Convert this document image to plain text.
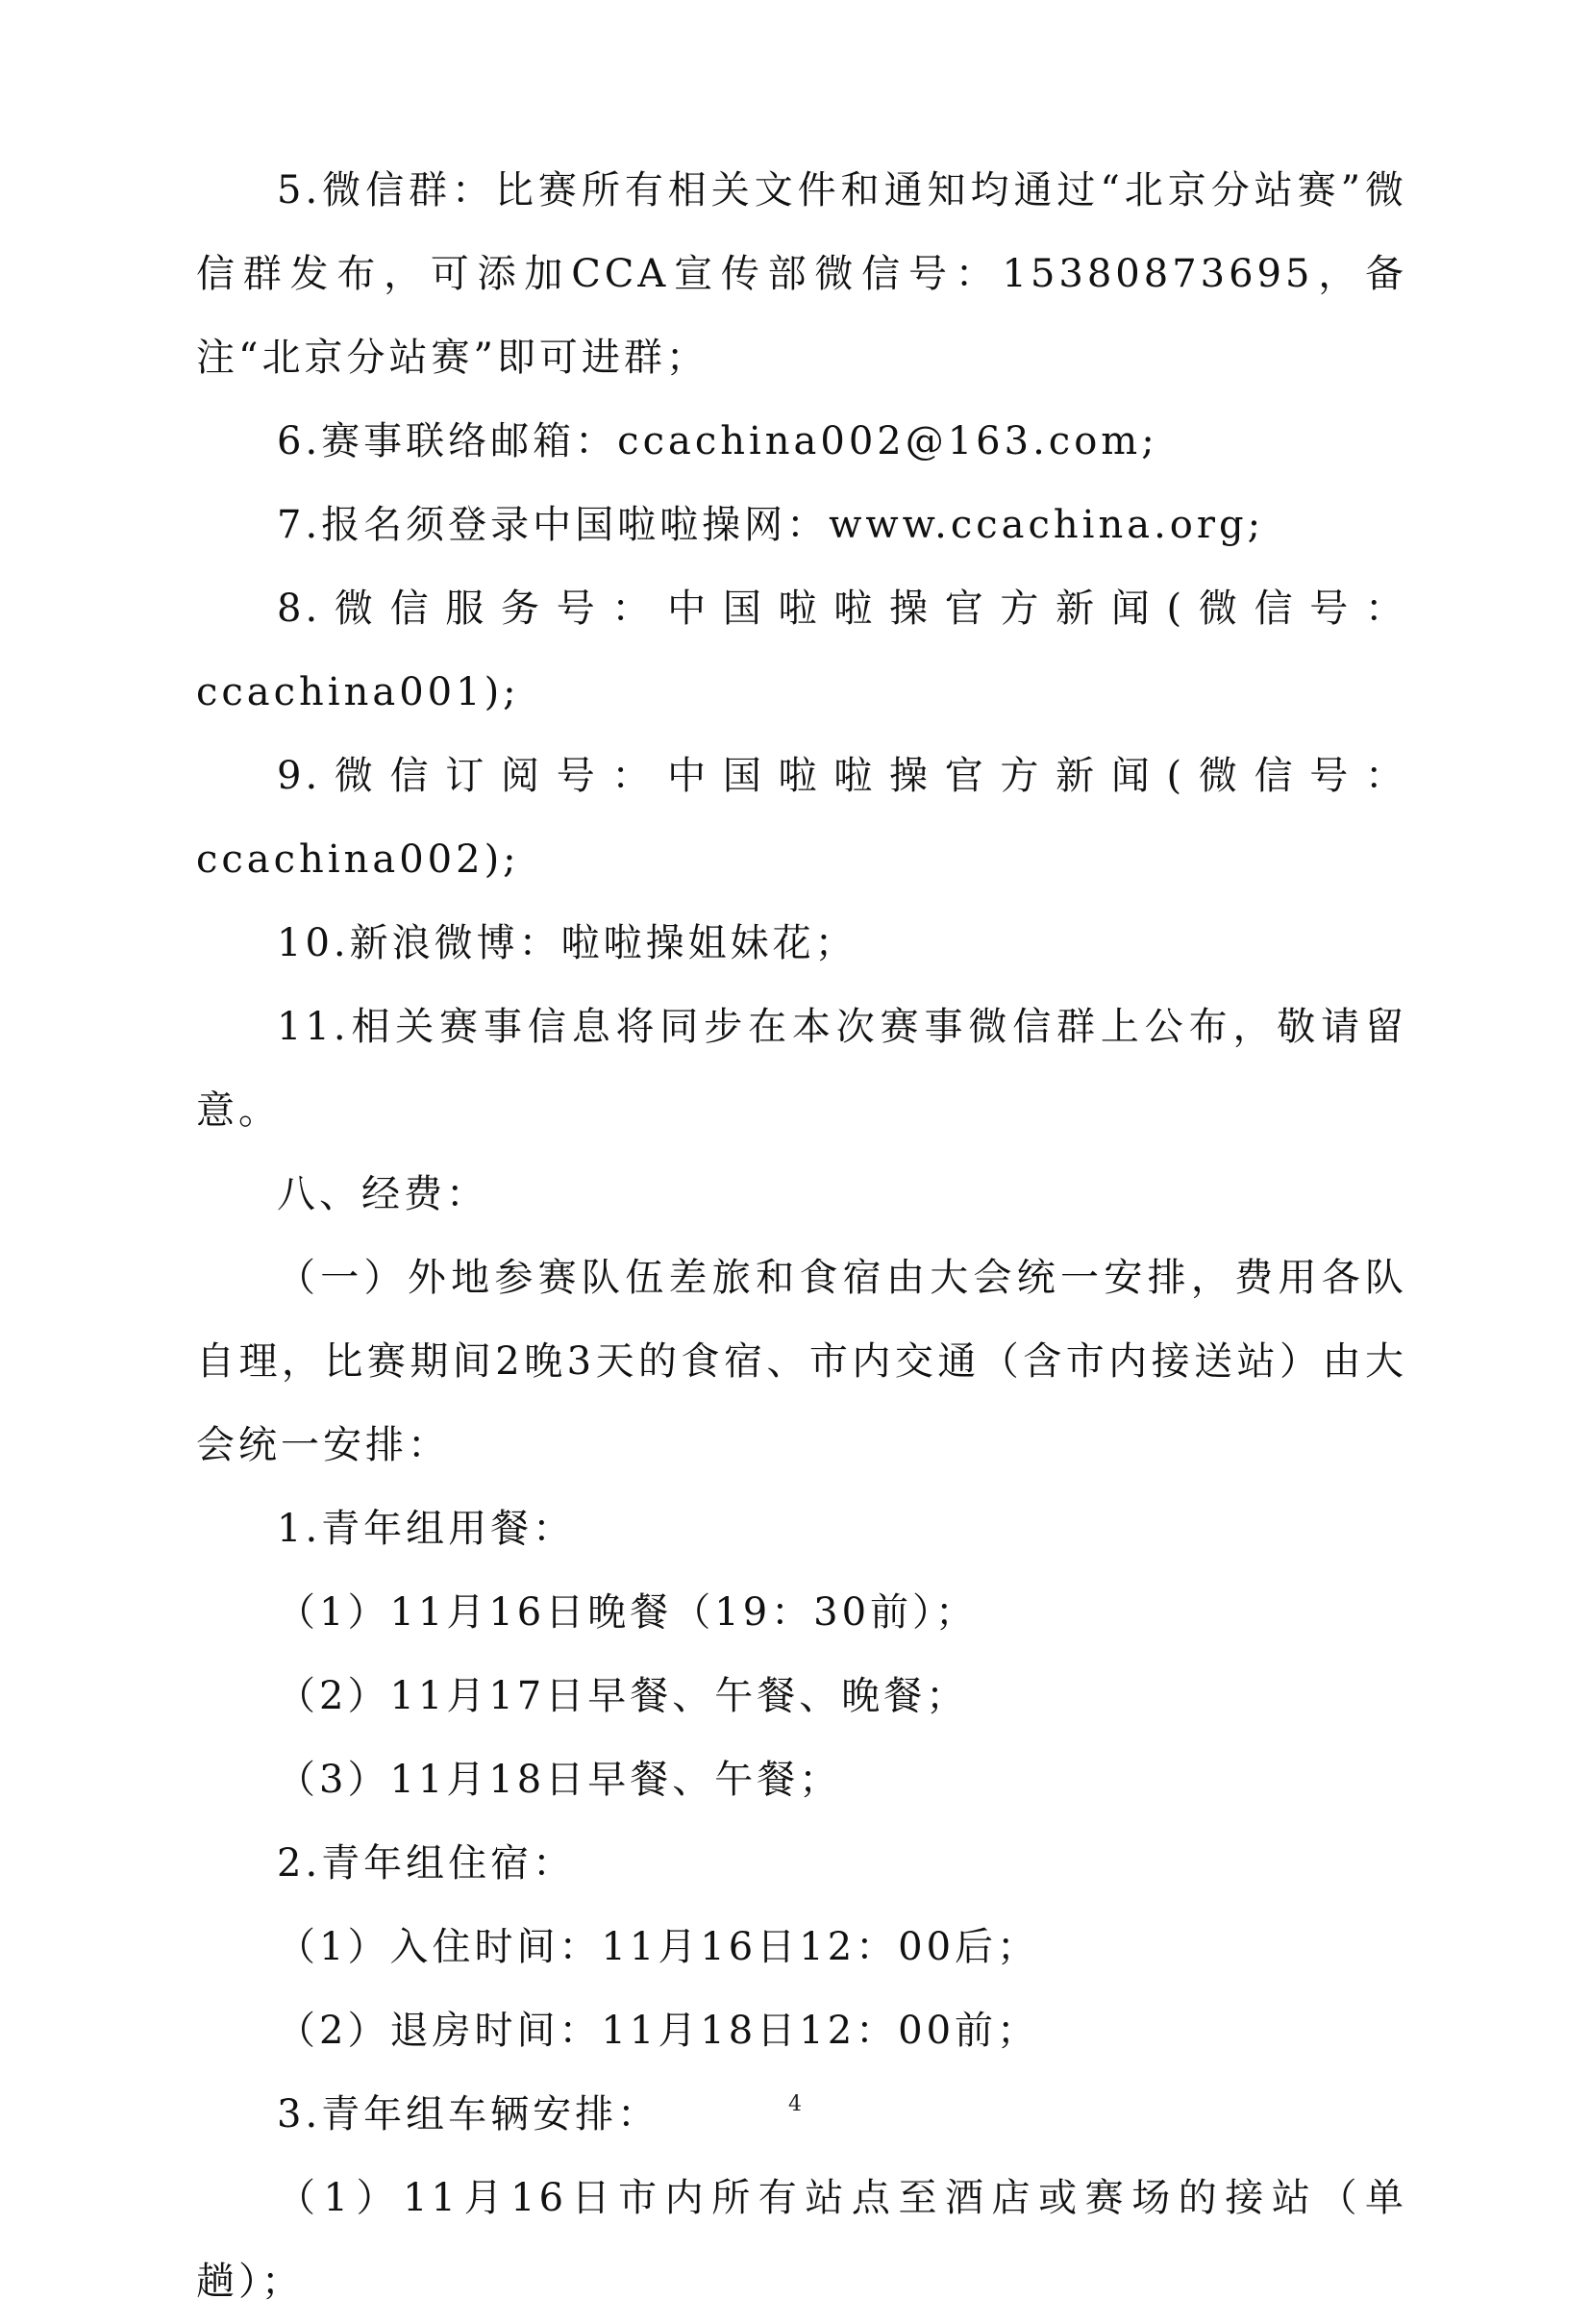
5.微信群：比赛所有相关文件和通知均通过“北京分站赛”微信群发布，可添加CCA宣传部微信号：15380873695，备注“北京分站赛”即可进群；

6.赛事联络邮箱：ccachina002@163.com;

7.报名须登录中国啦啦操网：www.ccachina.org;

8.微信服务号：中国啦啦操官方新闻(微信号：ccachina001);

9.微信订阅号：中国啦啦操官方新闻(微信号：ccachina002);

10.新浪微博：啦啦操姐妹花；

11.相关赛事信息将同步在本次赛事微信群上公布，敬请留意。

八、经费：

（一）外地参赛队伍差旅和食宿由大会统一安排，费用各队自理，比赛期间2晚3天的食宿、市内交通（含市内接送站）由大会统一安排：

1.青年组用餐：

（1）11月16日晚餐（19：30前）；

（2）11月17日早餐、午餐、晚餐；

（3）11月18日早餐、午餐；

2.青年组住宿：

（1）入住时间：11月16日12：00后；

（2）退房时间：11月18日12：00前；

3.青年组车辆安排：

（1）11月16日市内所有站点至酒店或赛场的接站（单趟）；

4
